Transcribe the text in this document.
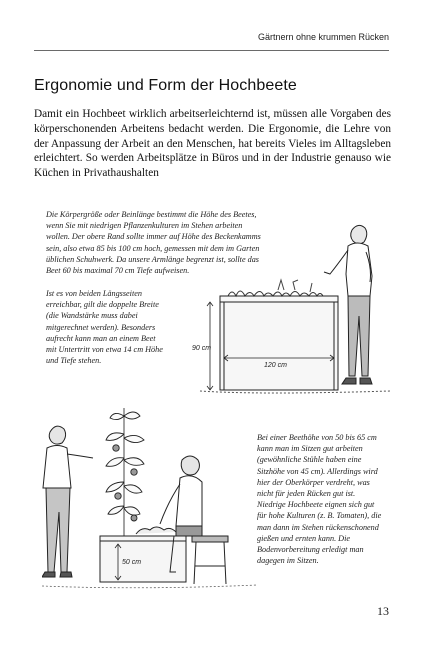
Gärtnern ohne krummen Rücken
Ergonomie und Form der Hochbeete
Damit ein Hochbeet wirklich arbeitserleichternd ist, müssen alle Vorgaben des körperschonenden Arbeitens bedacht werden. Die Ergonomie, die Lehre von der Anpassung der Arbeit an den Menschen, hat bereits Vieles im Alltagsleben erleichtert. So werden Arbeitsplätze in Büros und in der Industrie genauso wie Küchen in Privathaushalten
Die Körpergröße oder Beinlänge bestimmt die Höhe des Beetes, wenn Sie mit niedrigen Pflanzenkulturen im Stehen arbeiten wollen. Der obere Rand sollte immer auf Höhe des Beckenkamms sein, also etwa 85 bis 100 cm hoch, gemessen mit dem im Garten üblichen Schuhwerk. Da unsere Armlänge begrenzt ist, sollte das Beet 60 bis maximal 70 cm Tiefe aufweisen.
Ist es von beiden Längsseiten erreichbar, gilt die doppelte Breite (die Wandstärke muss dabei mitgerechnet werden). Besonders aufrecht kann man an einem Beet mit Untertritt von etwa 14 cm Höhe und Tiefe stehen.
90 cm
120 cm
50 cm
Bei einer Beethöhe von 50 bis 65 cm kann man im Sitzen gut arbeiten (gewöhnliche Stühle haben eine Sitzhöhe von 45 cm). Allerdings wird hier der Oberkörper verdreht, was nicht für jeden Rücken gut ist. Niedrige Hochbeete eignen sich gut für hohe Kulturen (z. B. Tomaten), die man dann im Stehen rückenschonend gießen und ernten kann. Die Bodenvorbereitung erledigt man dagegen im Sitzen.
13
